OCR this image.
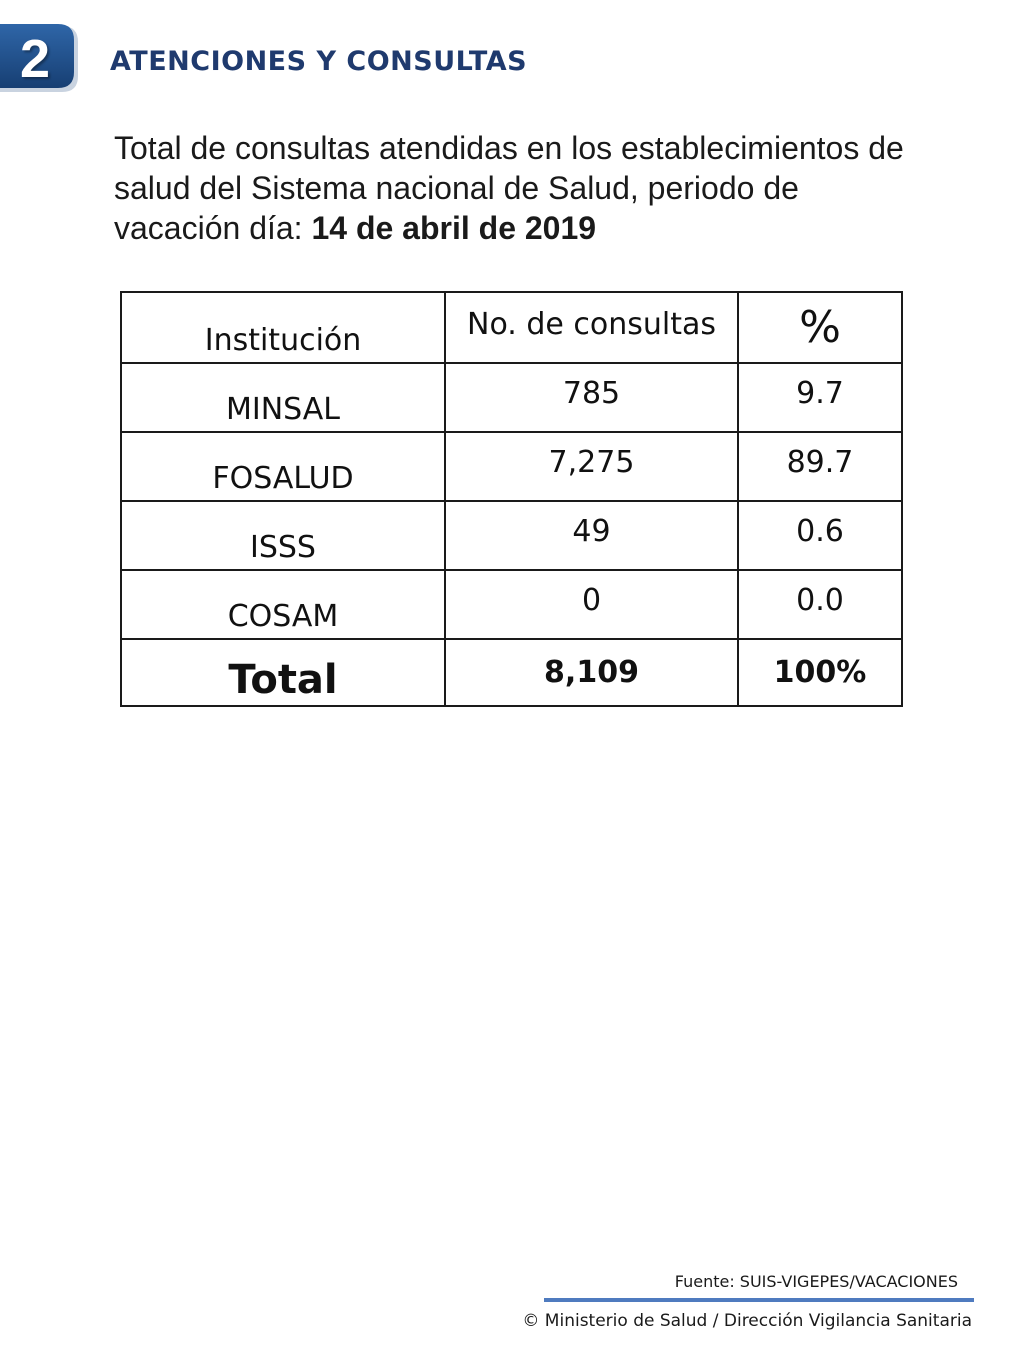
2	ATENCIONES Y CONSULTAS

Total de consultas atendidas en los establecimientos de salud del Sistema nacional de Salud, periodo de vacación día: 14 de abril de 2019

Institución	No. de consultas	%
MINSAL	785	9.7
FOSALUD	7,275	89.7
ISSS	49	0.6
COSAM	0	0.0
Total	8,109	100%
Fuente: SUIS-VIGEPES/VACACIONES
© Ministerio de Salud / Dirección Vigilancia Sanitaria
